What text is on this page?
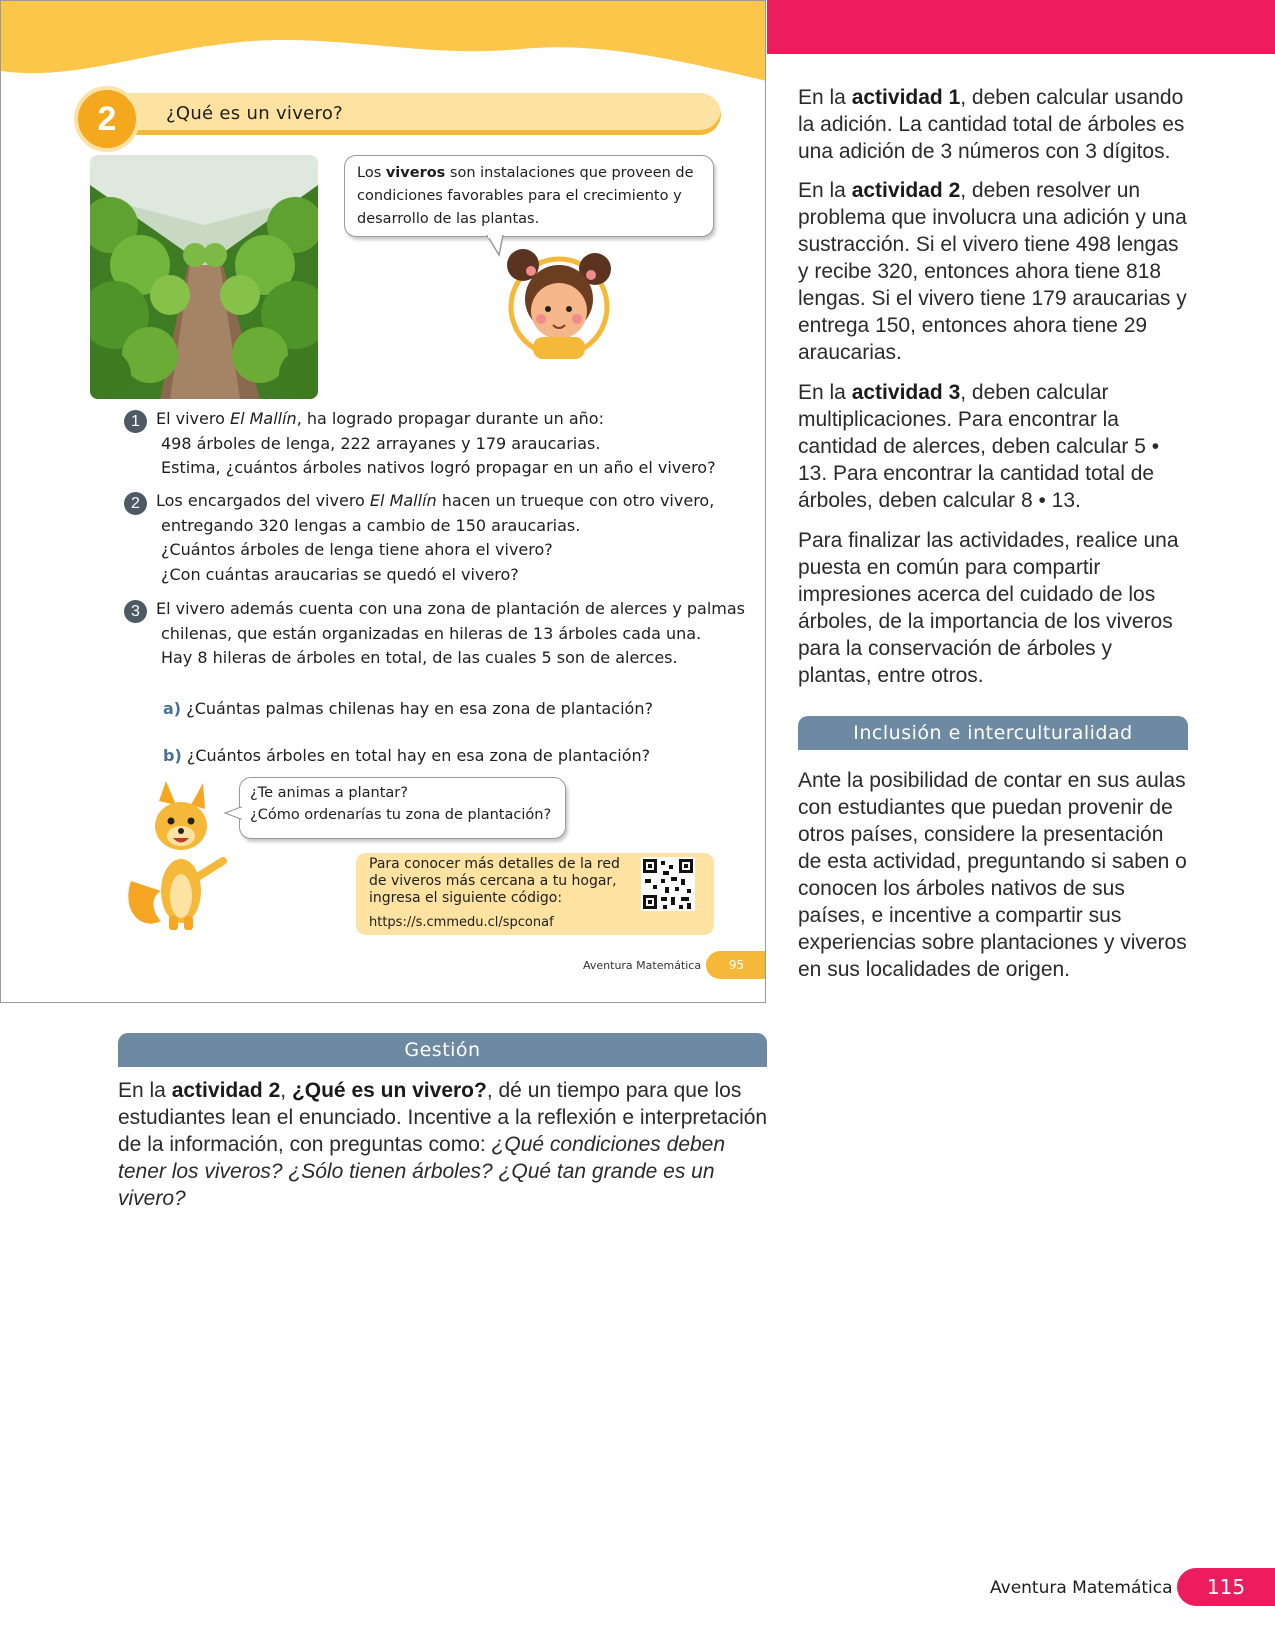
2	¿Qué es un vivero?
Los viveros son instalaciones que proveen de condiciones favorables para el crecimiento y desarrollo de las plantas.
1	El vivero El Mallín, ha logrado propagar durante un año:
498 árboles de lenga, 222 arrayanes y 179 araucarias.
Estima, ¿cuántos árboles nativos logró propagar en un año el vivero?
2	Los encargados del vivero El Mallín hacen un trueque con otro vivero,
entregando 320 lengas a cambio de 150 araucarias.
¿Cuántos árboles de lenga tiene ahora el vivero?
¿Con cuántas araucarias se quedó el vivero?
3	El vivero además cuenta con una zona de plantación de alerces y palmas
chilenas, que están organizadas en hileras de 13 árboles cada una.
Hay 8 hileras de árboles en total, de las cuales 5 son de alerces.
a) ¿Cuántas palmas chilenas hay en esa zona de plantación?
b) ¿Cuántos árboles en total hay en esa zona de plantación?
¿Te animas a plantar?
¿Cómo ordenarías tu zona de plantación?
Para conocer más detalles de la red
de viveros más cercana a tu hogar,
ingresa el siguiente código:
https://s.cmmedu.cl/spconaf
Aventura Matemática	95
En la actividad 1, deben calcular usando la adición. La cantidad total de árboles es una adición de 3 números con 3 dígitos.
En la actividad 2, deben resolver un problema que involucra una adición y una sustracción. Si el vivero tiene 498 lengas y recibe 320, entonces ahora tiene 818 lengas. Si el vivero tiene 179 araucarias y entrega 150, entonces ahora tiene 29 araucarias.
En la actividad 3, deben calcular multiplicaciones. Para encontrar la cantidad de alerces, deben calcular 5 • 13. Para encontrar la cantidad total de árboles, deben calcular 8 • 13.
Para finalizar las actividades, realice una puesta en común para compartir impresiones acerca del cuidado de los árboles, de la importancia de los viveros para la conservación de árboles y plantas, entre otros.
Inclusión e interculturalidad
Ante la posibilidad de contar en sus aulas con estudiantes que puedan provenir de otros países, considere la presentación de esta actividad, preguntando si saben o conocen los árboles nativos de sus países, e incentive a compartir sus experiencias sobre plantaciones y viveros en sus localidades de origen.
Gestión
En la actividad 2, ¿Qué es un vivero?, dé un tiempo para que los estudiantes lean el enunciado. Incentive a la reflexión e interpretación de la información, con preguntas como: ¿Qué condiciones deben tener los viveros? ¿Sólo tienen árboles? ¿Qué tan grande es un vivero?
Aventura Matemática	115
